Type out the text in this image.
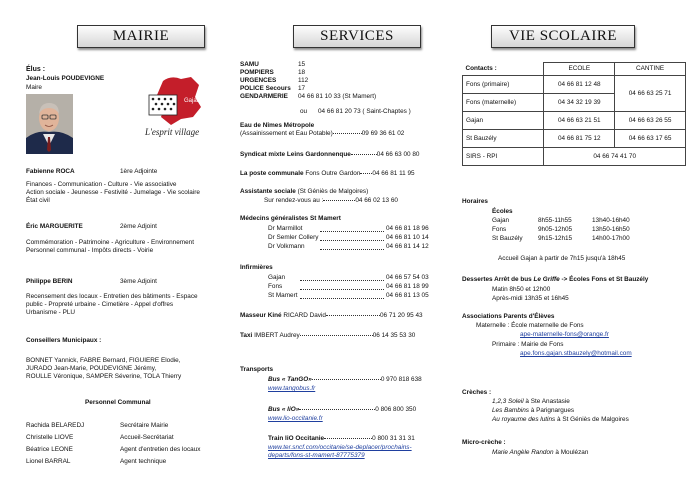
MAIRIE	SERVICES	VIE SCOLAIRE
Élus :
Jean-Louis POUDEVIGNE
Maire
Gajan
L'esprit village
Fabienne ROCA	1ère Adjointe
Finances - Communication - Culture - Vie associative
Action sociale - Jeunesse - Festivité - Jumelage - Vie scolaire
État civil
Éric MARGUERITE	2ème Adjoint
Commémoration - Patrimoine - Agriculture - Environnement
Personnel communal - Impôts directs - Voirie
Philippe BERIN	3ème Adjoint
Recensement des locaux - Entretien des bâtiments - Espace
public - Propreté urbaine - Cimetière - Appel d'offres
Urbanisme - PLU
Conseillers Municipaux :
BONNET Yannick, FABRE Bernard, FIGUIERE Elodie,
JURADO Jean-Marie, POUDEVIGNE Jérémy,
ROULLE Véronique, SAMPER Séverine, TOLA Thierry
Personnel Communal
Rachida BELAREDJ	Secrétaire Mairie
Christelle LIOVE	Accueil-Secrétariat
Béatrice LEONE	Agent d'entretien des locaux
Lionel BARRAL	Agent technique
SAMU	15
POMPIERS	18
URGENCES	112
POLICE Secours 17
GENDARMERIE 04 66 81 10 33 (St Mamert)
ou 04 66 81 20 73 ( Saint-Chaptes )
Eau de Nîmes Métropole
(Assainissement et Eau Potable)	09 69 36 61 02
Syndicat mixte Leins Gardonnenque	04 66 63 00 80
La poste communale Fons Outre Gardon 04 66 81 11 95
Assistante sociale (St Géniès de Malgoires)
Sur rendez-vous au :	04 66 02 13 60
Médecins généralistes St Mamert
Dr Marmillot	04 66 81 18 96
Dr Semler Collery	04 66 81 10 14
Dr Volkmann	04 66 81 14 12
Infirmières
Gajan	04 66 57 54 03
Fons	04 66 81 18 99
St Mamert	04 66 81 13 05
Masseur Kiné RICARD David	06 71 20 95 43
Taxi IMBERT Audrey	06 14 35 53 30
Transports
Bus « TanGO»	0 970 818 638
www.tangobus.fr
Bus « liO»	0 806 800 350
www.lio-occitanie.fr
Train liO Occitanie	0 800 31 31 31
www.ter.sncf.com/occitanie/se-deplacer/prochains-
departs/fons-st-mamert-87775379
Contacts :	ECOLE	CANTINE
Fons (primaire)	04 66 81 12 48	04 66 63 25 71
Fons (maternelle)	04 34 32 19 39	
Gajan	04 66 63 21 51	04 66 63 26 55
St Bauzély	04 66 81 75 12	04 66 63 17 65
SIRS - RPI	04 66 74 41 70	
Horaires
Écoles
Gajan	8h55-11h55	13h40-16h40
Fons	9h05-12h05	13h50-16h50
St Bauzély 9h15-12h15	14h00-17h00
Accueil Gajan à partir de 7h15 jusqu'à 18h45
Dessertes Arrêt de bus Le Griffe -> Écoles Fons et St Bauzély
Matin 8h50 et 12h00
Après-midi 13h35 et 16h45
Associations Parents d'Élèves
Maternelle : École maternelle de Fons
ape-maternelle-fons@orange.fr
Primaire : Mairie de Fons
ape.fons.gajan.stbauzely@hotmail.com
Crèches :
1,2,3 Soleil à Ste Anastasie
Les Bambins à Parignargues
Au royaume des lutins à St Géniès de Malgoires
Micro-crèche :
Marie Angèle Randon à Moulézan
